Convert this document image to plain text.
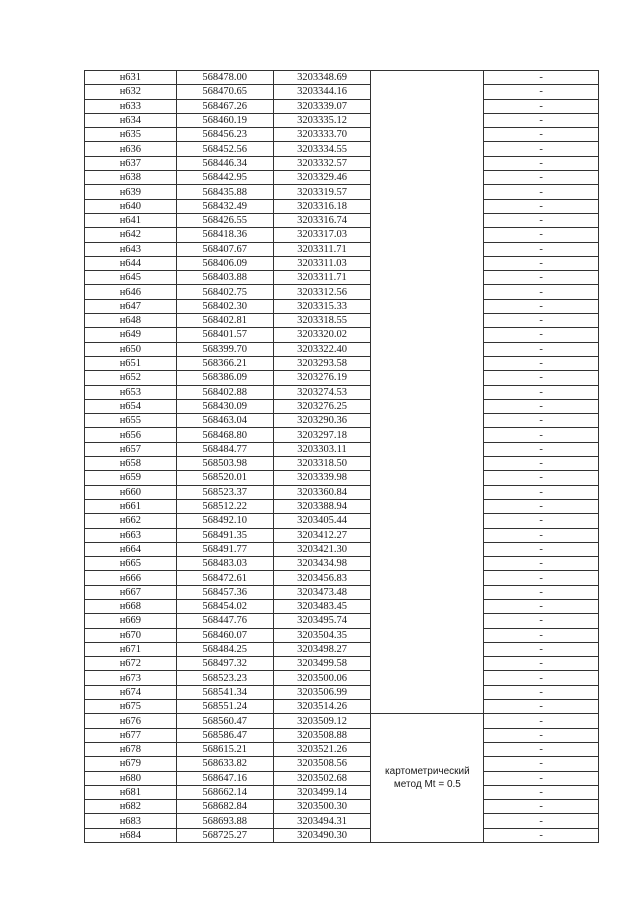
н631	568478.00	3203348.69		-
н632	568470.65	3203344.16		-
н633	568467.26	3203339.07		-
н634	568460.19	3203335.12		-
н635	568456.23	3203333.70		-
н636	568452.56	3203334.55		-
н637	568446.34	3203332.57		-
н638	568442.95	3203329.46		-
н639	568435.88	3203319.57		-
н640	568432.49	3203316.18		-
н641	568426.55	3203316.74		-
н642	568418.36	3203317.03		-
н643	568407.67	3203311.71		-
н644	568406.09	3203311.03		-
н645	568403.88	3203311.71		-
н646	568402.75	3203312.56		-
н647	568402.30	3203315.33		-
н648	568402.81	3203318.55		-
н649	568401.57	3203320.02		-
н650	568399.70	3203322.40		-
н651	568366.21	3203293.58		-
н652	568386.09	3203276.19		-
н653	568402.88	3203274.53		-
н654	568430.09	3203276.25		-
н655	568463.04	3203290.36		-
н656	568468.80	3203297.18		-
н657	568484.77	3203303.11		-
н658	568503.98	3203318.50		-
н659	568520.01	3203339.98		-
н660	568523.37	3203360.84		-
н661	568512.22	3203388.94		-
н662	568492.10	3203405.44		-
н663	568491.35	3203412.27		-
н664	568491.77	3203421.30		-
н665	568483.03	3203434.98		-
н666	568472.61	3203456.83		-
н667	568457.36	3203473.48		-
н668	568454.02	3203483.45		-
н669	568447.76	3203495.74		-
н670	568460.07	3203504.35		-
н671	568484.25	3203498.27		-
н672	568497.32	3203499.58		-
н673	568523.23	3203500.06		-
н674	568541.34	3203506.99		-
н675	568551.24	3203514.26		-
н676	568560.47	3203509.12	картометрический метод Mt = 0.5	-
н677	568586.47	3203508.88		-
н678	568615.21	3203521.26		-
н679	568633.82	3203508.56		-
н680	568647.16	3203502.68		-
н681	568662.14	3203499.14		-
н682	568682.84	3203500.30		-
н683	568693.88	3203494.31		-
н684	568725.27	3203490.30		-
